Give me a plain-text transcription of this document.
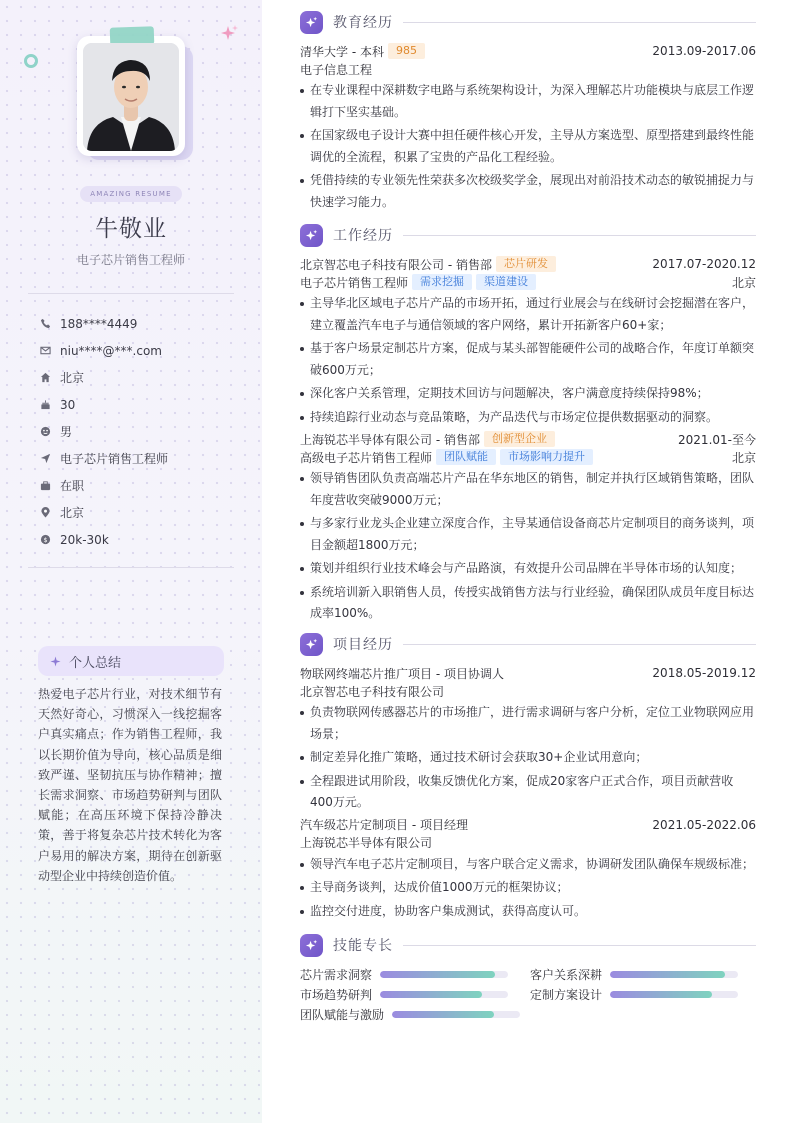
AMAZING RESUME
牛敬业
电子芯片销售工程师
188****4449
niu****@***.com
北京
30
男
电子芯片销售工程师
在职
北京
$ 20k-30k
个人总结
热爱电子芯片行业，对技术细节有天然好奇心，习惯深入一线挖掘客户真实痛点；作为销售工程师，我以长期价值为导向，核心品质是细致严谨、坚韧抗压与协作精神；擅长需求洞察、市场趋势研判与团队赋能；在高压环境下保持冷静决策，善于将复杂芯片技术转化为客户易用的解决方案，期待在创新驱动型企业中持续创造价值。
教育经历
清华大学 - 本科	985	2013.09-2017.06
电子信息工程
在专业课程中深耕数字电路与系统架构设计，为深入理解芯片功能模块与底层工作逻辑打下坚实基础。
在国家级电子设计大赛中担任硬件核心开发，主导从方案选型、原型搭建到最终性能调优的全流程，积累了宝贵的产品化工程经验。
凭借持续的专业领先性荣获多次校级奖学金，展现出对前沿技术动态的敏锐捕捉力与快速学习能力。
工作经历
北京智芯电子科技有限公司 - 销售部	芯片研发	2017.07-2020.12
电子芯片销售工程师	需求挖掘	渠道建设	北京
主导华北区域电子芯片产品的市场开拓，通过行业展会与在线研讨会挖掘潜在客户，建立覆盖汽车电子与通信领域的客户网络，累计开拓新客户60+家；
基于客户场景定制芯片方案，促成与某头部智能硬件公司的战略合作，年度订单额突破600万元；
深化客户关系管理，定期技术回访与问题解决，客户满意度持续保持98%；
持续追踪行业动态与竞品策略，为产品迭代与市场定位提供数据驱动的洞察。
上海锐芯半导体有限公司 - 销售部	创新型企业	2021.01-至今
高级电子芯片销售工程师	团队赋能	市场影响力提升	北京
领导销售团队负责高端芯片产品在华东地区的销售，制定并执行区域销售策略，团队年度营收突破9000万元；
与多家行业龙头企业建立深度合作，主导某通信设备商芯片定制项目的商务谈判，项目金额超1800万元；
策划并组织行业技术峰会与产品路演，有效提升公司品牌在半导体市场的认知度；
系统培训新入职销售人员，传授实战销售方法与行业经验，确保团队成员年度目标达成率100%。
项目经历
物联网终端芯片推广项目 - 项目协调人	2018.05-2019.12
北京智芯电子科技有限公司
负责物联网传感器芯片的市场推广，进行需求调研与客户分析，定位工业物联网应用场景；
制定差异化推广策略，通过技术研讨会获取30+企业试用意向；
全程跟进试用阶段，收集反馈优化方案，促成20家客户正式合作，项目贡献营收400万元。
汽车级芯片定制项目 - 项目经理	2021.05-2022.06
上海锐芯半导体有限公司
领导汽车电子芯片定制项目，与客户联合定义需求，协调研发团队确保车规级标准；
主导商务谈判，达成价值1000万元的框架协议；
监控交付进度，协助客户集成测试，获得高度认可。
技能专长
芯片需求洞察	客户关系深耕
市场趋势研判	定制方案设计
团队赋能与激励
